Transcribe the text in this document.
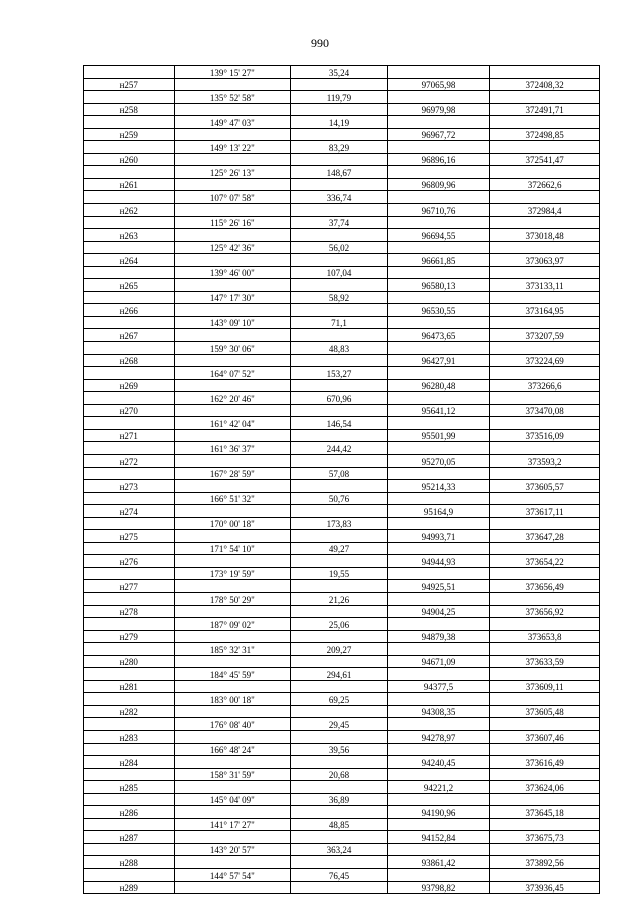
990
	139° 15' 27"	35,24		
н257			97065,98	372408,32
	135° 52' 58"	119,79		
н258			96979,98	372491,71
	149° 47' 03"	14,19		
н259			96967,72	372498,85
	149° 13' 22"	83,29		
н260			96896,16	372541,47
	125° 26' 13"	148,67		
н261			96809,96	372662,6
	107° 07' 58"	336,74		
н262			96710,76	372984,4
	115° 26' 16"	37,74		
н263			96694,55	373018,48
	125° 42' 36"	56,02		
н264			96661,85	373063,97
	139° 46' 00"	107,04		
н265			96580,13	373133,11
	147° 17' 30"	58,92		
н266			96530,55	373164,95
	143° 09' 10"	71,1		
н267			96473,65	373207,59
	159° 30' 06"	48,83		
н268			96427,91	373224,69
	164° 07' 52"	153,27		
н269			96280,48	373266,6
	162° 20' 46"	670,96		
н270			95641,12	373470,08
	161° 42' 04"	146,54		
н271			95501,99	373516,09
	161° 36' 37"	244,42		
н272			95270,05	373593,2
	167° 28' 59"	57,08		
н273			95214,33	373605,57
	166° 51' 32"	50,76		
н274			95164,9	373617,11
	170° 00' 18"	173,83		
н275			94993,71	373647,28
	171° 54' 10"	49,27		
н276			94944,93	373654,22
	173° 19' 59"	19,55		
н277			94925,51	373656,49
	178° 50' 29"	21,26		
н278			94904,25	373656,92
	187° 09' 02"	25,06		
н279			94879,38	373653,8
	185° 32' 31"	209,27		
н280			94671,09	373633,59
	184° 45' 59"	294,61		
н281			94377,5	373609,11
	183° 00' 18"	69,25		
н282			94308,35	373605,48
	176° 08' 40"	29,45		
н283			94278,97	373607,46
	166° 48' 24"	39,56		
н284			94240,45	373616,49
	158° 31' 59"	20,68		
н285			94221,2	373624,06
	145° 04' 09"	36,89		
н286			94190,96	373645,18
	141° 17' 27"	48,85		
н287			94152,84	373675,73
	143° 20' 57"	363,24		
н288			93861,42	373892,56
	144° 57' 54"	76,45		
н289			93798,82	373936,45
